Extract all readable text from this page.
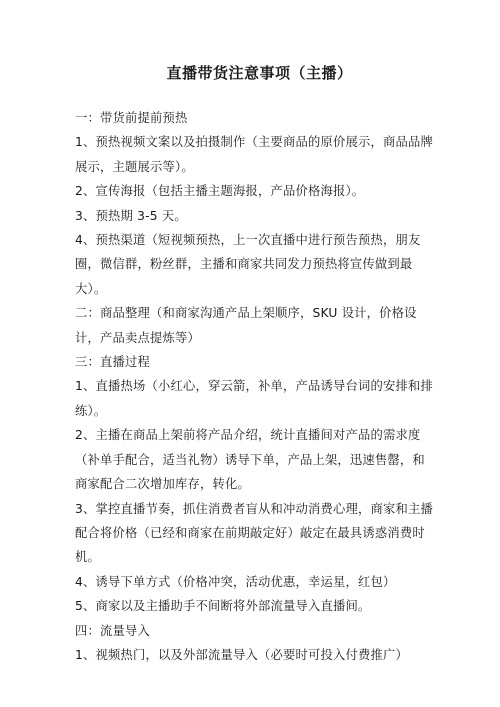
直播带货注意事项（主播）

一：带货前提前预热

1、预热视频文案以及拍摄制作（主要商品的原价展示，商品品牌展示，主题展示等）。

2、宣传海报（包括主播主题海报，产品价格海报）。

3、预热期 3-5 天。

4、预热渠道（短视频预热，上一次直播中进行预告预热，朋友圈，微信群，粉丝群，主播和商家共同发力预热将宣传做到最大）。

二：商品整理（和商家沟通产品上架顺序，SKU 设计，价格设计，产品卖点提炼等）

三：直播过程

1、直播热场（小红心，穿云箭，补单，产品诱导台词的安排和排练）。

2、主播在商品上架前将产品介绍，统计直播间对产品的需求度（补单手配合，适当礼物）诱导下单，产品上架，迅速售罄，和商家配合二次增加库存，转化。

3、掌控直播节奏，抓住消费者盲从和冲动消费心理，商家和主播配合将价格（已经和商家在前期敲定好）敲定在最具诱惑消费时机。

4、诱导下单方式（价格冲突，活动优惠，幸运星，红包）

5、商家以及主播助手不间断将外部流量导入直播间。

四：流量导入

1、视频热门，以及外部流量导入（必要时可投入付费推广）
